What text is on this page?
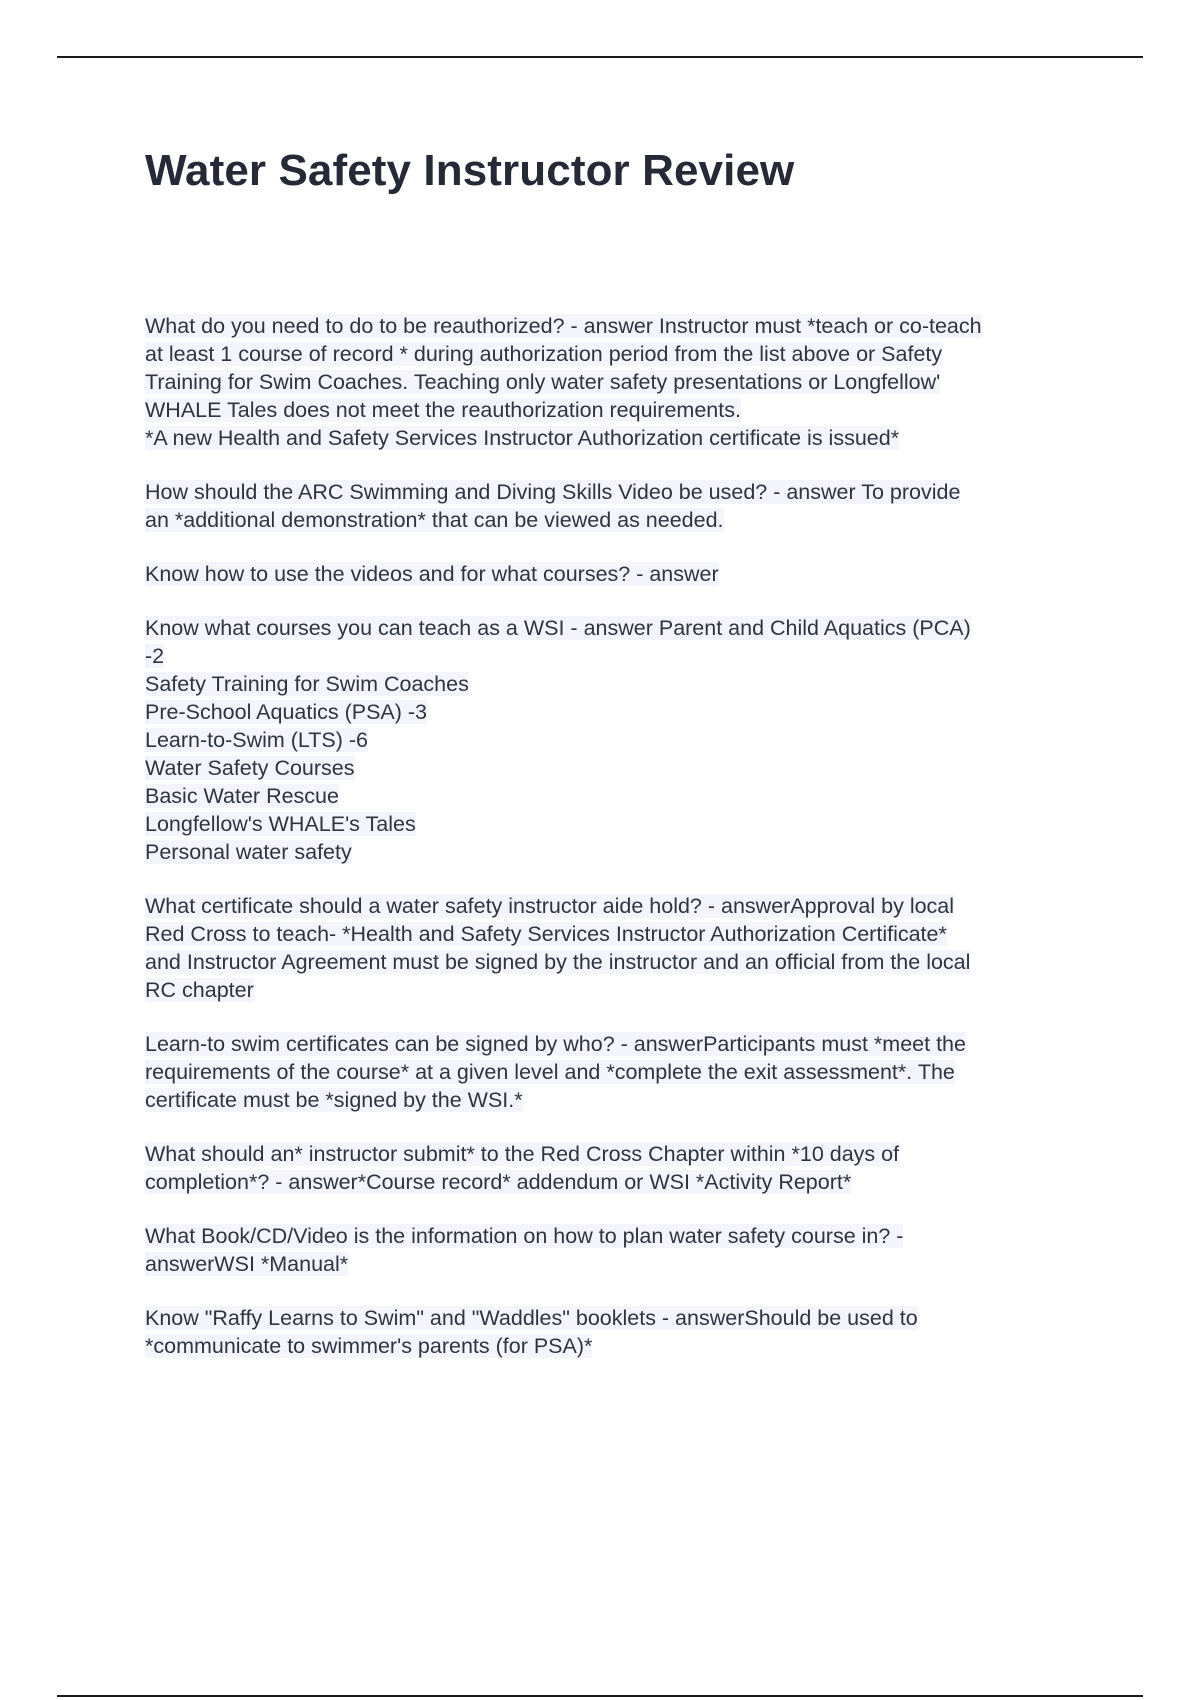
Water Safety Instructor Review

What do you need to do to be reauthorized? - answer Instructor must *teach or co-teach
at least 1 course of record * during authorization period from the list above or Safety
Training for Swim Coaches. Teaching only water safety presentations or Longfellow'
WHALE Tales does not meet the reauthorization requirements.
*A new Health and Safety Services Instructor Authorization certificate is issued*

How should the ARC Swimming and Diving Skills Video be used? - answer To provide
an *additional demonstration* that can be viewed as needed.

Know how to use the videos and for what courses? - answer

Know what courses you can teach as a WSI - answer Parent and Child Aquatics (PCA)
-2
Safety Training for Swim Coaches
Pre-School Aquatics (PSA) -3
Learn-to-Swim (LTS) -6
Water Safety Courses
Basic Water Rescue
Longfellow's WHALE's Tales
Personal water safety

What certificate should a water safety instructor aide hold? - answerApproval by local
Red Cross to teach- *Health and Safety Services Instructor Authorization Certificate*
and Instructor Agreement must be signed by the instructor and an official from the local
RC chapter

Learn-to swim certificates can be signed by who? - answerParticipants must *meet the
requirements of the course* at a given level and *complete the exit assessment*. The
certificate must be *signed by the WSI.*

What should an* instructor submit* to the Red Cross Chapter within *10 days of
completion*? - answer*Course record* addendum or WSI *Activity Report*

What Book/CD/Video is the information on how to plan water safety course in? -
answerWSI *Manual*

Know "Raffy Learns to Swim" and "Waddles" booklets - answerShould be used to
*communicate to swimmer's parents (for PSA)*
